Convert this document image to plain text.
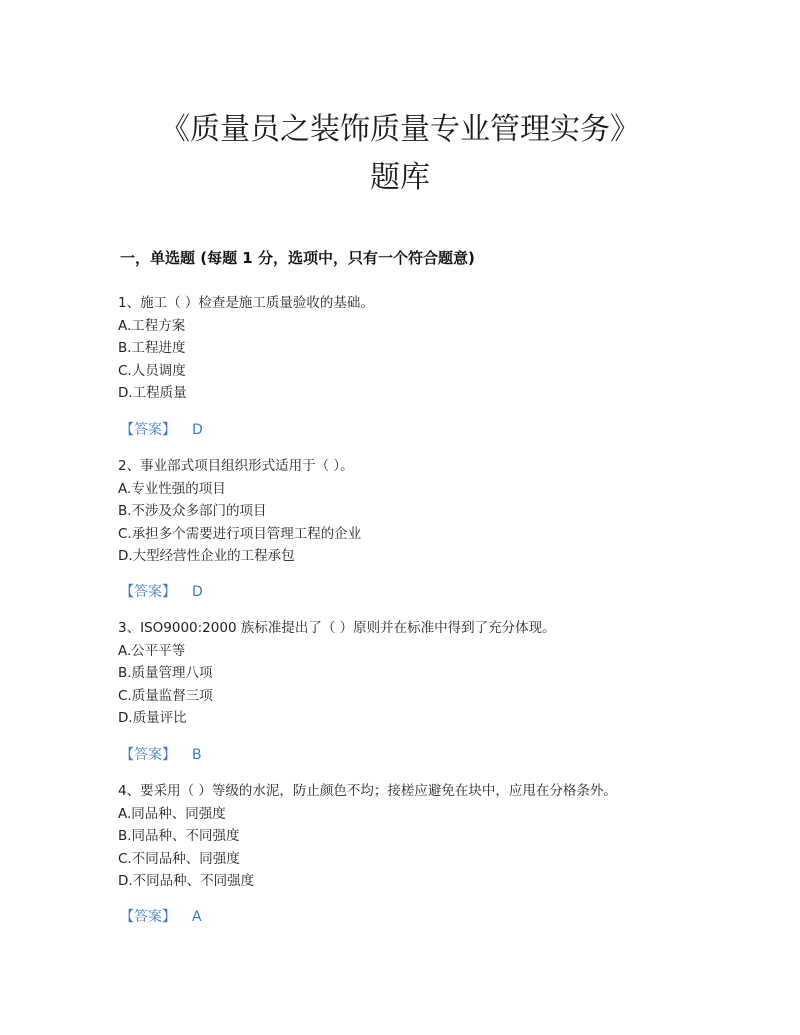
《质量员之装饰质量专业管理实务》
题库
一，单选题 (每题 1 分，选项中，只有一个符合题意)
1、施工（ ）检查是施工质量验收的基础。
A.工程方案
B.工程进度
C.人员调度
D.工程质量
【答案】 D
2、事业部式项目组织形式适用于（ ）。
A.专业性强的项目
B.不涉及众多部门的项目
C.承担多个需要进行项目管理工程的企业
D.大型经营性企业的工程承包
【答案】 D
3、ISO9000:2000 族标准提出了（ ）原则并在标准中得到了充分体现。
A.公平平等
B.质量管理八项
C.质量监督三项
D.质量评比
【答案】 B
4、要采用（ ）等级的水泥，防止颜色不均；接槎应避免在块中，应甩在分格条外。
A.同品种、同强度
B.同品种、不同强度
C.不同品种、同强度
D.不同品种、不同强度
【答案】 A
